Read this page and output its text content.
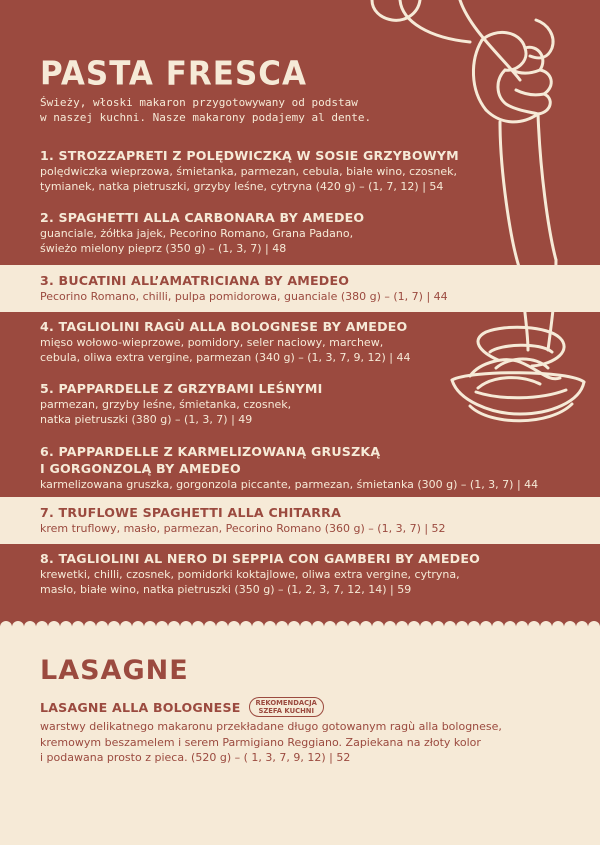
PASTA FRESCA
Świeży, włoski makaron przygotowywany od podstaw
w naszej kuchni. Nasze makarony podajemy al dente.
1. STROZZAPRETI Z POLĘDWICZKĄ W SOSIE GRZYBOWYM

polędwiczka wieprzowa, śmietanka, parmezan, cebula, białe wino, czosnek,

tymianek, natka pietruszki, grzyby leśne, cytryna (420 g) – (1, 7, 12) | 54

2. SPAGHETTI ALLA CARBONARA BY AMEDEO

guanciale, żółtka jajek, Pecorino Romano, Grana Padano,

świeżo mielony pieprz (350 g) – (1, 3, 7) | 48

3. BUCATINI ALL’AMATRICIANA BY AMEDEO

Pecorino Romano, chilli, pulpa pomidorowa, guanciale (380 g) – (1, 7) | 44

4. TAGLIOLINI RAGÙ ALLA BOLOGNESE BY AMEDEO

mięso wołowo-wieprzowe, pomidory, seler naciowy, marchew,

cebula, oliwa extra vergine, parmezan (340 g) – (1, 3, 7, 9, 12) | 44

5. PAPPARDELLE Z GRZYBAMI LEŚNYMI

parmezan, grzyby leśne, śmietanka, czosnek,

natka pietruszki (380 g) – (1, 3, 7) | 49

6. PAPPARDELLE Z KARMELIZOWANĄ GRUSZKĄ
I GORGONZOLĄ BY AMEDEO

karmelizowana gruszka, gorgonzola piccante, parmezan, śmietanka (300 g) – (1, 3, 7) | 44

7. TRUFLOWE SPAGHETTI ALLA CHITARRA

krem truflowy, masło, parmezan, Pecorino Romano (360 g) – (1, 3, 7) | 52

8. TAGLIOLINI AL NERO DI SEPPIA CON GAMBERI BY AMEDEO

krewetki, chilli, czosnek, pomidorki koktajlowe, oliwa extra vergine, cytryna,

masło, białe wino, natka pietruszki (350 g) – (1, 2, 3, 7, 12, 14) | 59

LASAGNE
LASAGNE ALLA BOLOGNESE REKOMENDACJA
SZEFA KUCHNI

warstwy delikatnego makaronu przekładane długo gotowanym ragù alla bolognese,
kremowym beszamelem i serem Parmigiano Reggiano. Zapiekana na złoty kolor
i podawana prosto z pieca. (520 g) – ( 1, 3, 7, 9, 12) | 52
